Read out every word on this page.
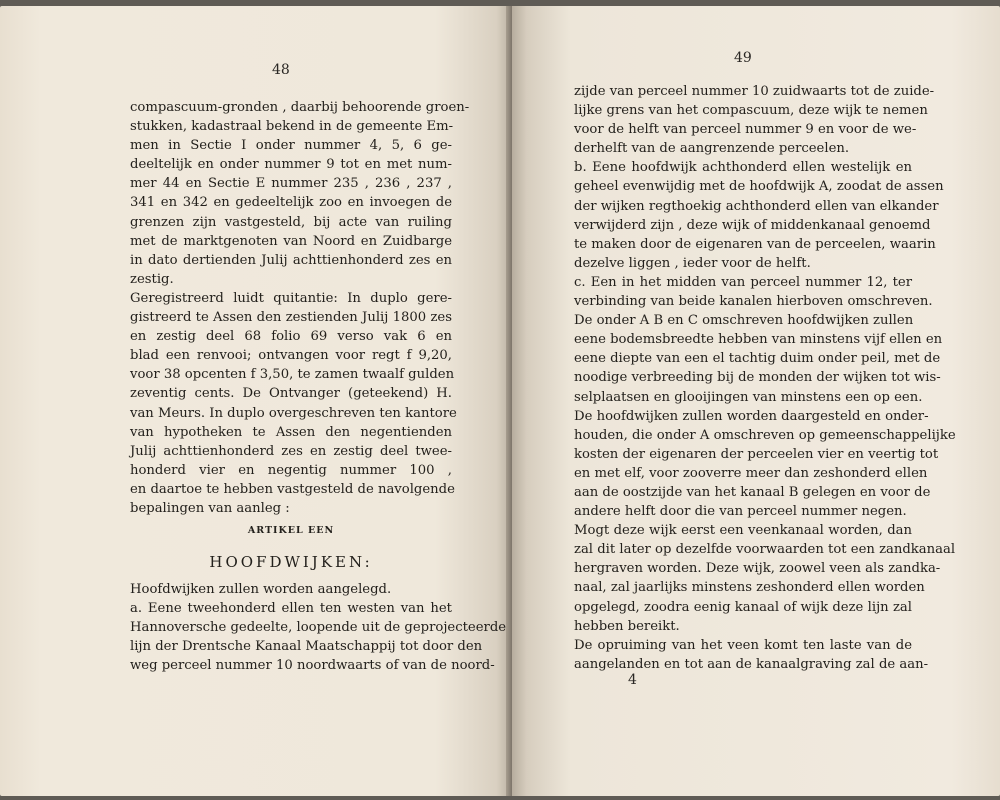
48
compascuum-gronden , daarbij behoorende groen-
stukken, kadastraal bekend in de gemeente Em-
men in Sectie I onder nummer 4, 5, 6 ge-
deeltelijk en onder nummer 9 tot en met num-
mer 44 en Sectie E nummer 235 , 236 , 237 ,
341 en 342 en gedeeltelijk zoo en invoegen de
grenzen zijn vastgesteld, bij acte van ruiling
met de marktgenoten van Noord en Zuidbarge
in dato dertienden Julij achttienhonderd zes en
zestig.
Geregistreerd luidt quitantie: In duplo gere-
gistreerd te Assen den zestienden Julij 1800 zes
en zestig deel 68 folio 69 verso vak 6 en
blad een renvooi; ontvangen voor regt f 9,20,
voor 38 opcenten f 3,50, te zamen twaalf gulden
zeventig cents. De Ontvanger (geteekend) H.
van Meurs. In duplo overgeschreven ten kantore
van hypotheken te Assen den negentienden
Julij achttienhonderd zes en zestig deel twee-
honderd vier en negentig nummer 100 ,
en daartoe te hebben vastgesteld de navolgende
bepalingen van aanleg :
ARTIKEL EEN
HOOFDWIJKEN:
Hoofdwijken zullen worden aangelegd.
a. Eene tweehonderd ellen ten westen van het
Hannoversche gedeelte, loopende uit de geprojecteerde
lijn der Drentsche Kanaal Maatschappij tot door den
weg perceel nummer 10 noordwaarts of van de noord-
49
zijde van perceel nummer 10 zuidwaarts tot de zuide-
lijke grens van het compascuum, deze wijk te nemen
voor de helft van perceel nummer 9 en voor de we-
derhelft van de aangrenzende perceelen.
b. Eene hoofdwijk achthonderd ellen westelijk en
geheel evenwijdig met de hoofdwijk A, zoodat de assen
der wijken regthoekig achthonderd ellen van elkander
verwijderd zijn , deze wijk of middenkanaal genoemd
te maken door de eigenaren van de perceelen, waarin
dezelve liggen , ieder voor de helft.
c. Een in het midden van perceel nummer 12, ter
verbinding van beide kanalen hierboven omschreven.
De onder A B en C omschreven hoofdwijken zullen
eene bodemsbreedte hebben van minstens vijf ellen en
eene diepte van een el tachtig duim onder peil, met de
noodige verbreeding bij de monden der wijken tot wis-
selplaatsen en glooijingen van minstens een op een.
De hoofdwijken zullen worden daargesteld en onder-
houden, die onder A omschreven op gemeenschappelijke
kosten der eigenaren der perceelen vier en veertig tot
en met elf, voor zooverre meer dan zeshonderd ellen
aan de oostzijde van het kanaal B gelegen en voor de
andere helft door die van perceel nummer negen.
Mogt deze wijk eerst een veenkanaal worden, dan
zal dit later op dezelfde voorwaarden tot een zandkanaal
hergraven worden. Deze wijk, zoowel veen als zandka-
naal, zal jaarlijks minstens zeshonderd ellen worden
opgelegd, zoodra eenig kanaal of wijk deze lijn zal
hebben bereikt.
De opruiming van het veen komt ten laste van de
aangelanden en tot aan de kanaalgraving zal de aan-
4
